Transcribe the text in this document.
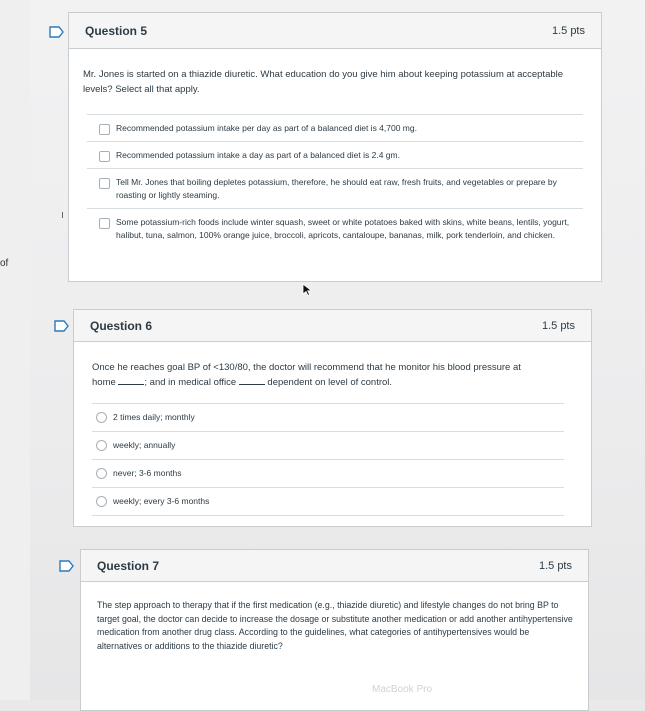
of
Question 5	1.5 pts
Mr. Jones is started on a thiazide diuretic. What education do you give him about keeping potassium at acceptable levels? Select all that apply.
Recommended potassium intake per day as part of a balanced diet is 4,700 mg.
Recommended potassium intake a day as part of a balanced diet is 2.4 gm.
Tell Mr. Jones that boiling depletes potassium, therefore, he should eat raw, fresh fruits, and vegetables or prepare by roasting or lightly steaming.
Some potassium-rich foods include winter squash, sweet or white potatoes baked with skins, white beans, lentils, yogurt, halibut, tuna, salmon, 100% orange juice, broccoli, apricots, cantaloupe, bananas, milk, pork tenderloin, and chicken.
Question 6	1.5 pts
Once he reaches goal BP of <130/80, the doctor will recommend that he monitor his blood pressure at
home	; and in medical office	dependent on level of control.
2 times daily; monthly
weekly; annually
never; 3-6 months
weekly; every 3-6 months
Question 7	1.5 pts
The step approach to therapy that if the first medication (e.g., thiazide diuretic) and lifestyle changes do not bring BP to target goal, the doctor can decide to increase the dosage or substitute another medication or add another antihypertensive medication from another drug class. According to the guidelines, what categories of antihypertensives would be alternatives or additions to the thiazide diuretic?
MacBook Pro
